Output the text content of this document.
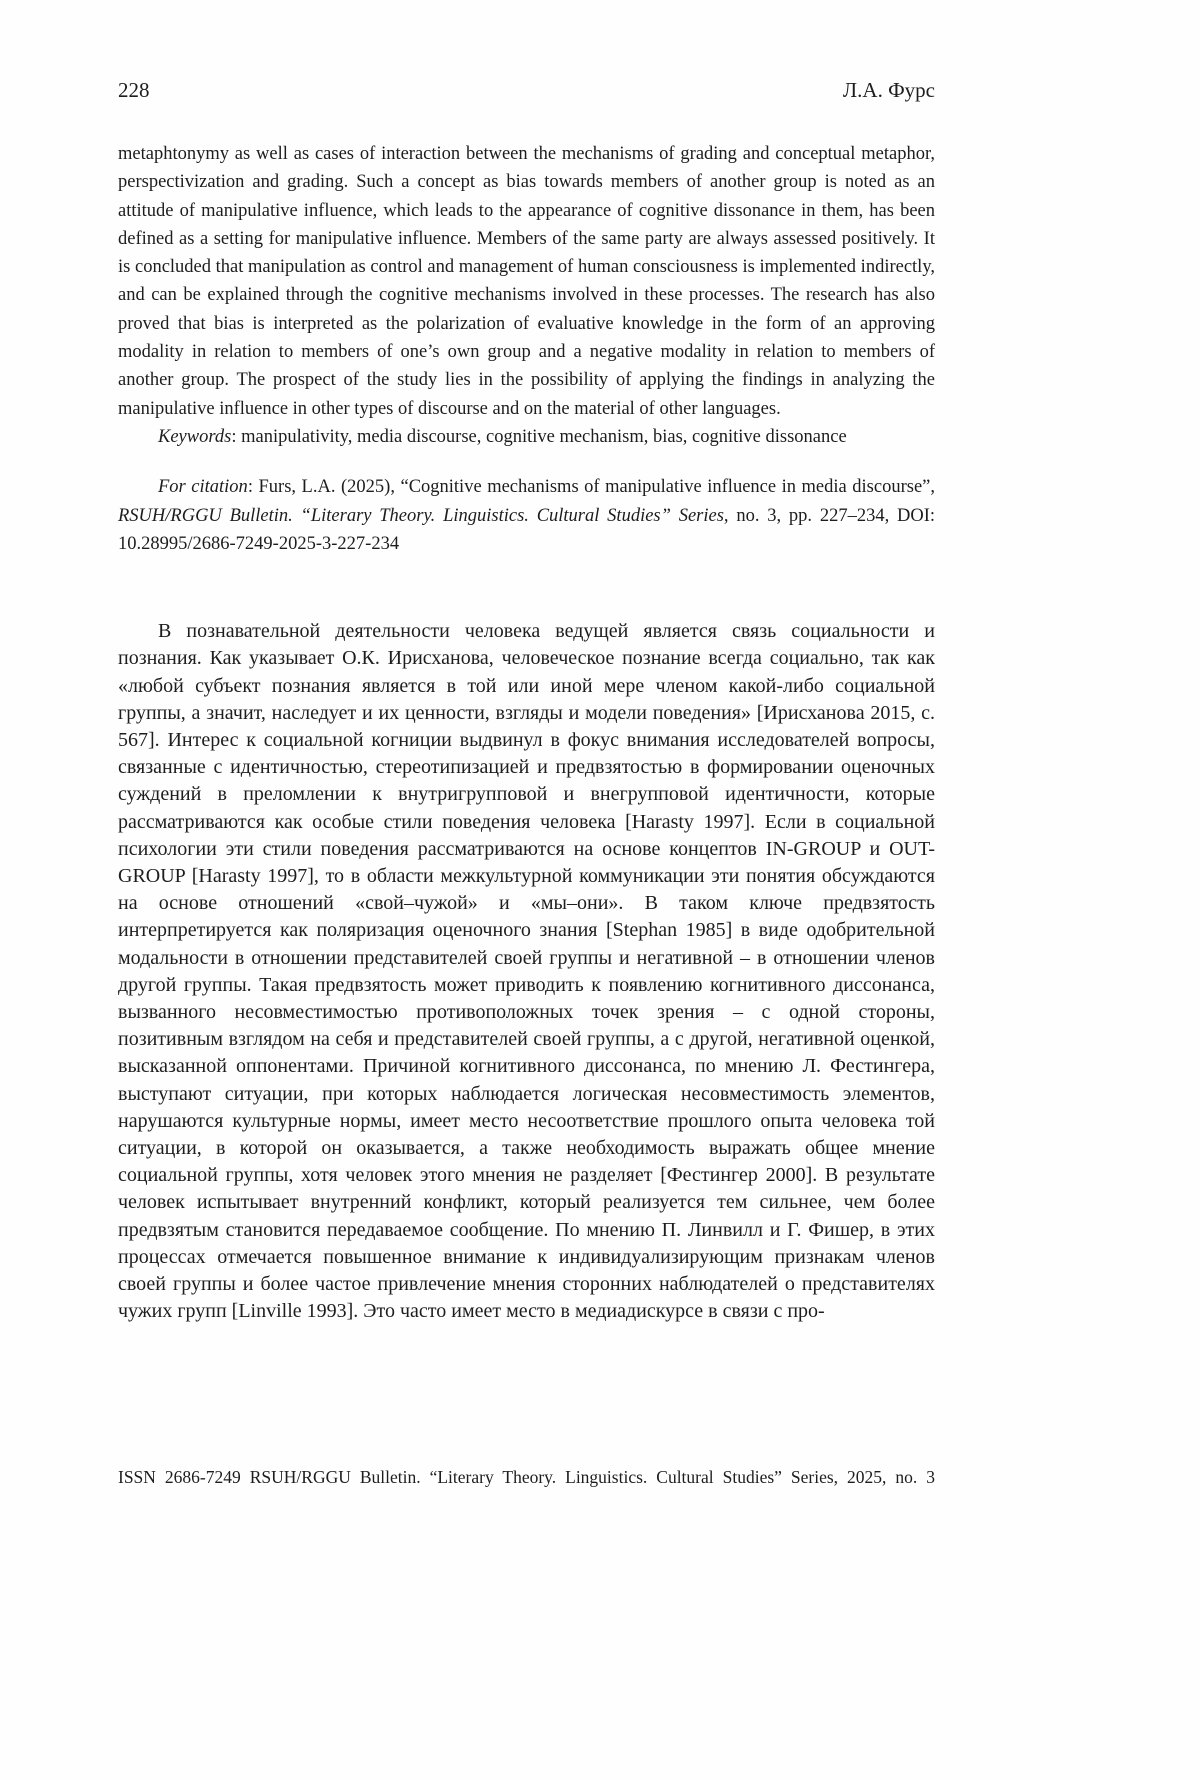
228	Л.А. Фурс

metaphtonymy as well as cases of interaction between the mechanisms of grading and conceptual metaphor, perspectivization and grading. Such a concept as bias towards members of another group is noted as an attitude of manipulative influence, which leads to the appearance of cognitive dissonance in them, has been defined as a setting for manipulative influence. Members of the same party are always assessed positively. It is concluded that manipulation as control and management of human consciousness is implemented indirectly, and can be explained through the cognitive mechanisms involved in these processes. The research has also proved that bias is interpreted as the polarization of evaluative knowledge in the form of an approving modality in relation to members of one’s own group and a negative modality in relation to members of another group. The prospect of the study lies in the possibility of applying the findings in analyzing the manipulative influence in other types of discourse and on the material of other languages.

Keywords: manipulativity, media discourse, cognitive mechanism, bias, cognitive dissonance

For citation: Furs, L.A. (2025), “Cognitive mechanisms of manipulative influence in media discourse”, RSUH/RGGU Bulletin. “Literary Theory. Linguistics. Cultural Studies” Series, no. 3, pp. 227–234, DOI: 10.28995/2686-7249-2025-3-227-234

В познавательной деятельности человека ведущей является связь социальности и познания. Как указывает О.К. Ирисханова, человеческое познание всегда социально, так как «любой субъект познания является в той или иной мере членом какой-либо социальной группы, а значит, наследует и их ценности, взгляды и модели поведения» [Ирисханова 2015, с. 567]. Интерес к социальной когниции выдвинул в фокус внимания исследователей вопросы, связанные с идентичностью, стереотипизацией и предвзятостью в формировании оценочных суждений в преломлении к внутригрупповой и внегрупповой идентичности, которые рассматриваются как особые стили поведения человека [Harasty 1997]. Если в социальной психологии эти стили поведения рассматриваются на основе концептов IN-GROUP и OUT-GROUP [Harasty 1997], то в области межкультурной коммуникации эти понятия обсуждаются на основе отношений «свой–чужой» и «мы–они». В таком ключе предвзятость интерпретируется как поляризация оценочного знания [Stephan 1985] в виде одобрительной модальности в отношении представителей своей группы и негативной – в отношении членов другой группы. Такая предвзятость может приводить к появлению когнитивного диссонанса, вызванного несовместимостью противоположных точек зрения – с одной стороны, позитивным взглядом на себя и представителей своей группы, а с другой, негативной оценкой, высказанной оппонентами. Причиной когнитивного диссонанса, по мнению Л. Фестингера, выступают ситуации, при которых наблюдается логическая несовместимость элементов, нарушаются культурные нормы, имеет место несоответствие прошлого опыта человека той ситуации, в которой он оказывается, а также необходимость выражать общее мнение социальной группы, хотя человек этого мнения не разделяет [Фестингер 2000]. В результате человек испытывает внутренний конфликт, который реализуется тем сильнее, чем более предвзятым становится передаваемое сообщение. По мнению П. Линвилл и Г. Фишер, в этих процессах отмечается повышенное внимание к индивидуализирующим признакам членов своей группы и более частое привлечение мнения сторонних наблюдателей о представителях чужих групп [Linville 1993]. Это часто имеет место в медиадискурсе в связи с про-

ISSN 2686-7249 RSUH/RGGU Bulletin. “Literary Theory. Linguistics. Cultural Studies” Series, 2025, no. 3
